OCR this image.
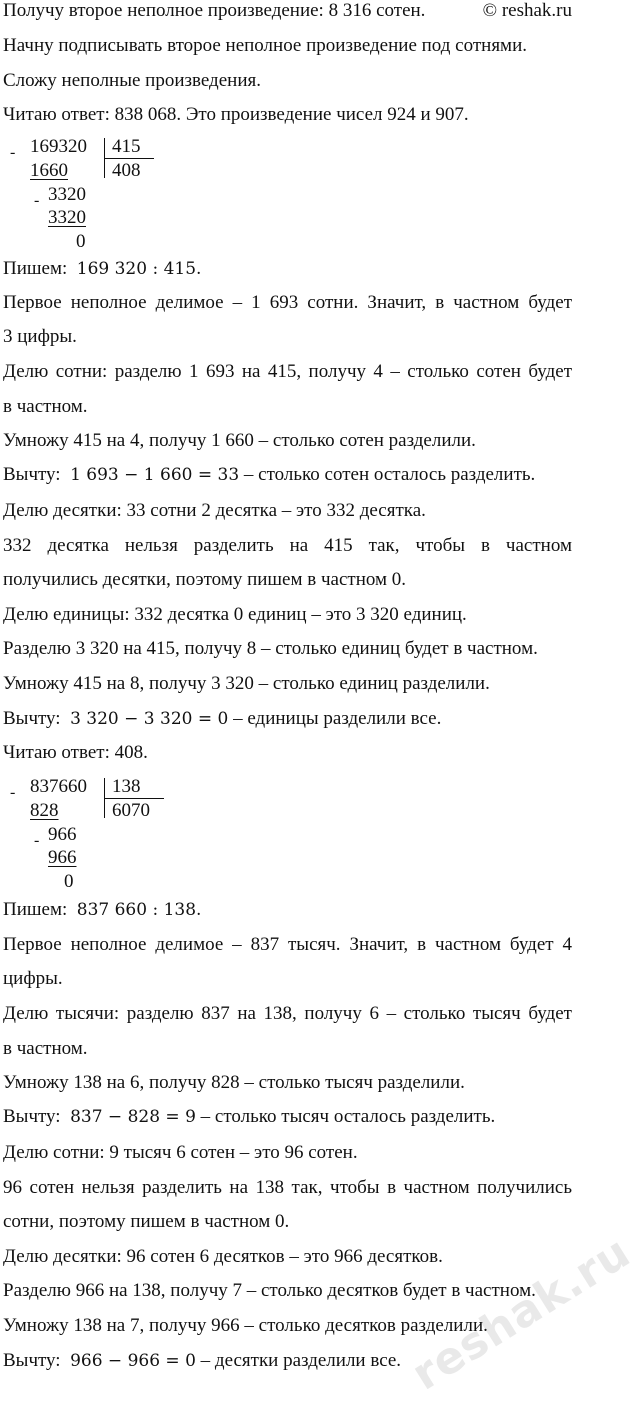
Получу второе неполное произведение: 8 316 сотен.	© reshak.ru
Начну подписывать второе неполное произведение под сотнями.
Сложу неполные произведения.
Читаю ответ: 838 068. Это произведение чисел 924 и 907.
- 169320 415
408
1660
- 3320
3320
0
Пишем: 169 320 : 415.
Первое неполное делимое – 1 693 сотни. Значит, в частном будет
3 цифры.
Делю сотни: разделю 1 693 на 415, получу 4 – столько сотен будет
в частном.
Умножу 415 на 4, получу 1 660 – столько сотен разделили.
Вычту: 1 693 − 1 660 = 33 – столько сотен осталось разделить.
Делю десятки: 33 сотни 2 десятка – это 332 десятка.
332 десятка нельзя разделить на 415 так, чтобы в частном
получились десятки, поэтому пишем в частном 0.
Делю единицы: 332 десятка 0 единиц – это 3 320 единиц.
Разделю 3 320 на 415, получу 8 – столько единиц будет в частном.
Умножу 415 на 8, получу 3 320 – столько единиц разделили.
Вычту: 3 320 − 3 320 = 0 – единицы разделили все.
Читаю ответ: 408.
- 837660 138
6070
828
- 966
966
0
Пишем: 837 660 : 138.
Первое неполное делимое – 837 тысяч. Значит, в частном будет 4
цифры.
Делю тысячи: разделю 837 на 138, получу 6 – столько тысяч будет
в частном.
Умножу 138 на 6, получу 828 – столько тысяч разделили.
Вычту: 837 − 828 = 9 – столько тысяч осталось разделить.
Делю сотни: 9 тысяч 6 сотен – это 96 сотен.
96 сотен нельзя разделить на 138 так, чтобы в частном получились
сотни, поэтому пишем в частном 0.
Делю десятки: 96 сотен 6 десятков – это 966 десятков.
Разделю 966 на 138, получу 7 – столько десятков будет в частном.
Умножу 138 на 7, получу 966 – столько десятков разделили.
Вычту: 966 − 966 = 0 – десятки разделили все. reshak.ru
